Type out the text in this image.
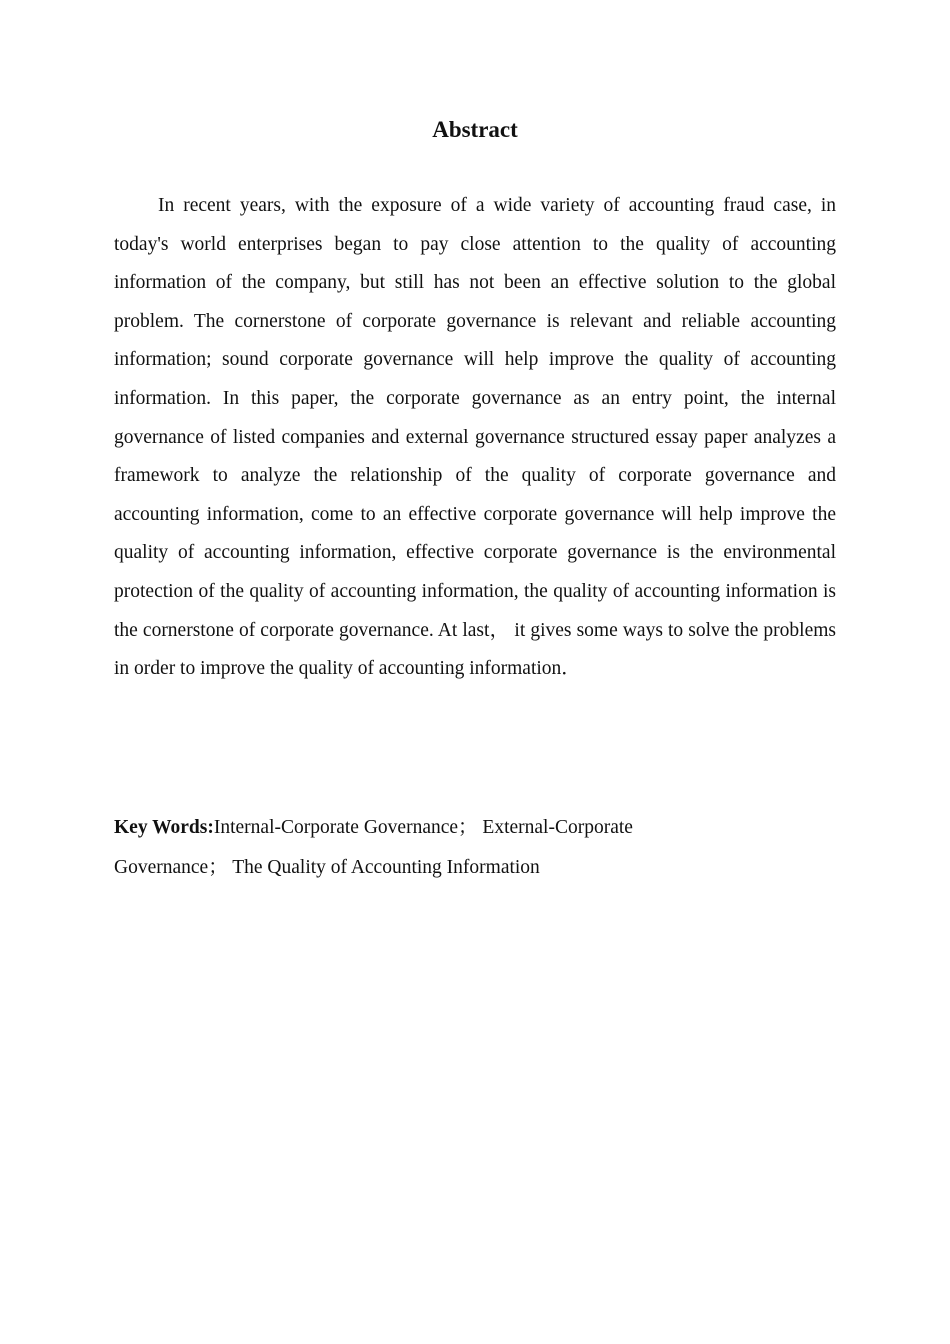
Abstract

In recent years, with the exposure of a wide variety of accounting fraud case, in today's world enterprises began to pay close attention to the quality of accounting information of the company, but still has not been an effective solution to the global problem. The cornerstone of corporate governance is relevant and reliable accounting information; sound corporate governance will help improve the quality of accounting information. In this paper, the corporate governance as an entry point, the internal governance of listed companies and external governance structured essay paper analyzes a framework to analyze the relationship of the quality of corporate governance and accounting information, come to an effective corporate governance will help improve the quality of accounting information, effective corporate governance is the environmental protection of the quality of accounting information, the quality of accounting information is the cornerstone of corporate governance. At last， it gives some ways to solve the problems in order to improve the quality of accounting information．

Key Words:Internal-Corporate Governance； External-Corporate Governance； The Quality of Accounting Information
